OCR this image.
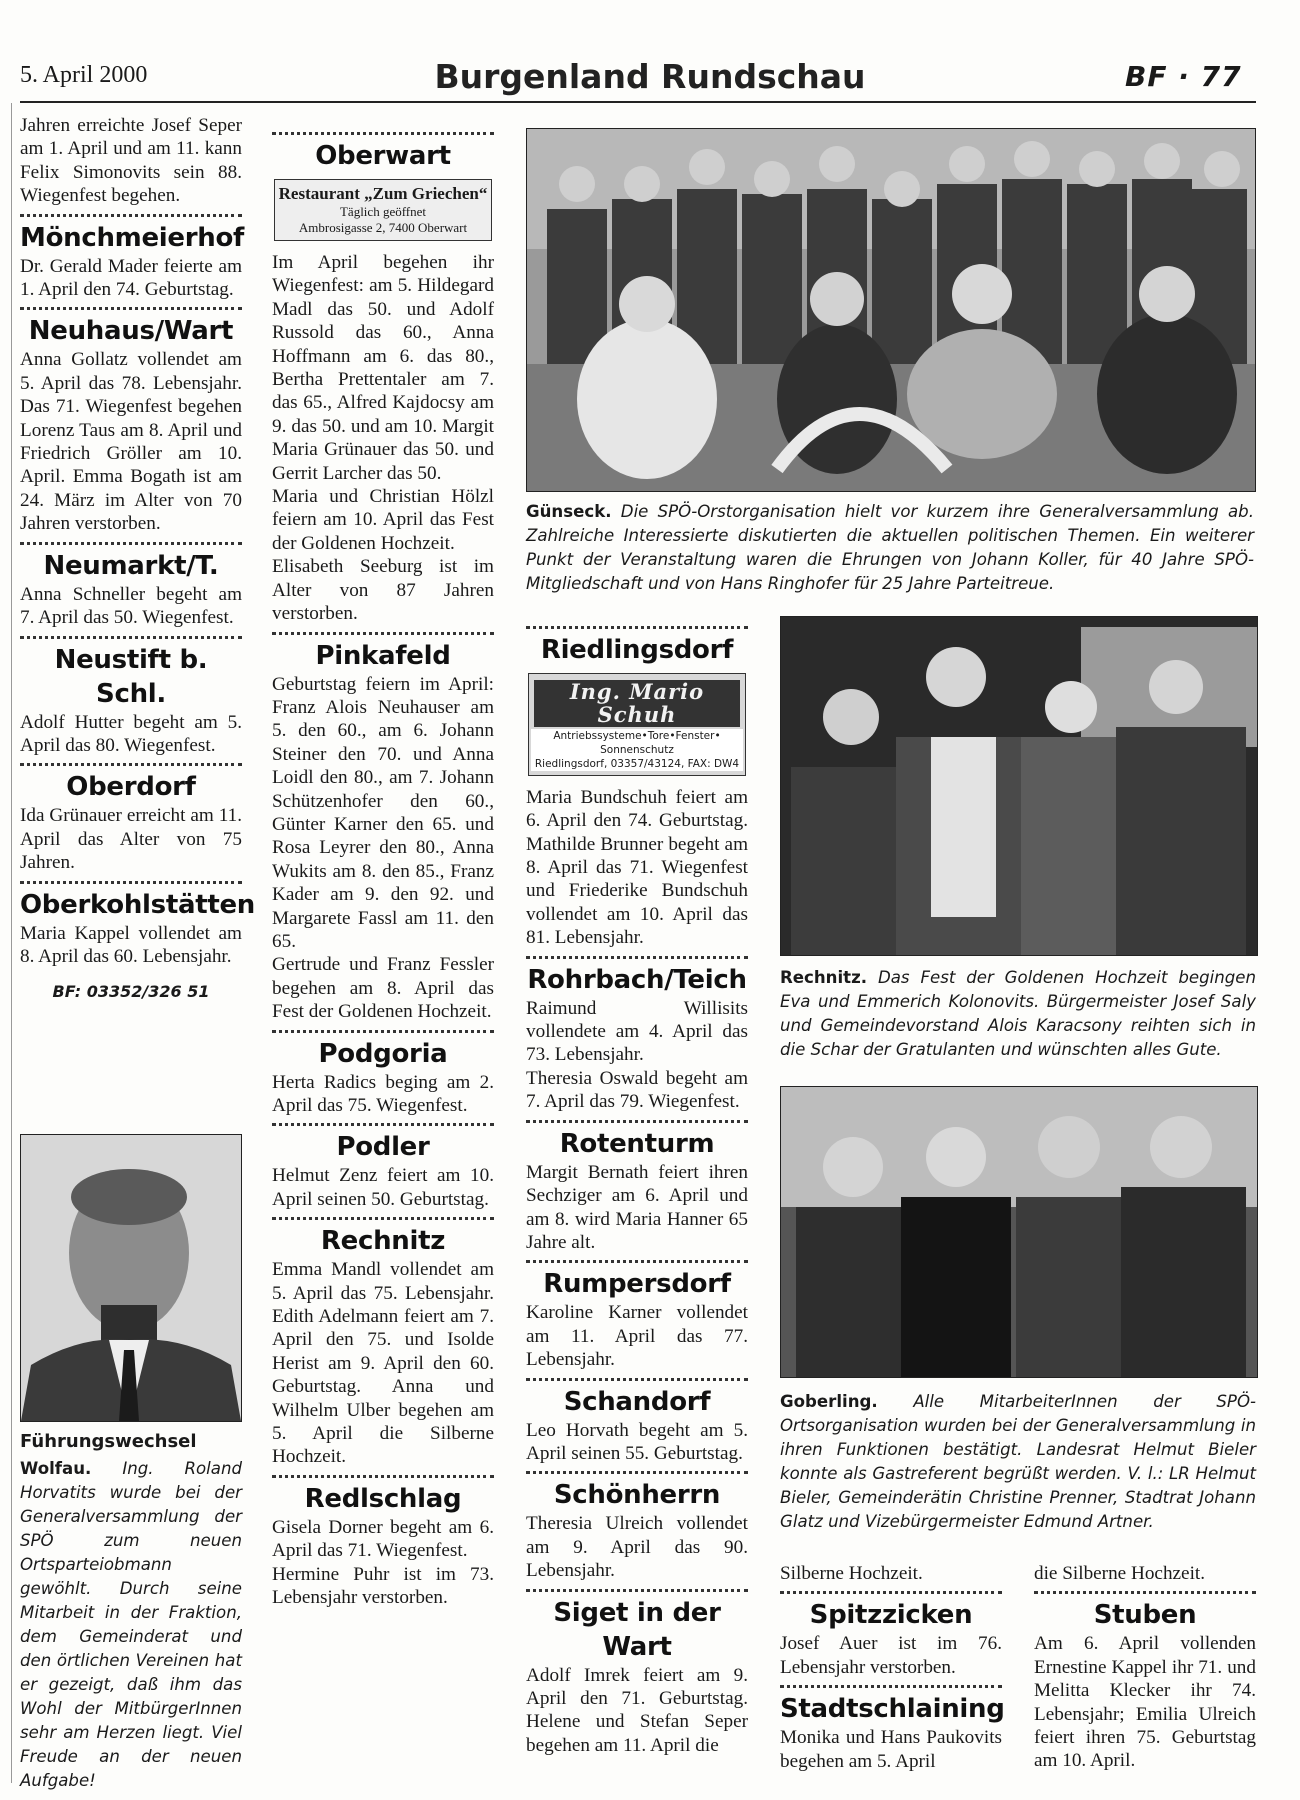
5. April 2000	Burgenland Rundschau	BF · 77

Jahren erreichte Josef Seper am 1. April und am 11. kann Felix Simonovits sein 88. Wiegenfest begehen.

Mönchmeierhof

Dr. Gerald Mader feierte am 1. April den 74. Geburtstag.

Neuhaus/Wart

Anna Gollatz vollendet am 5. April das 78. Lebensjahr. Das 71. Wiegenfest begehen Lorenz Taus am 8. April und Friedrich Gröller am 10. April. Emma Bogath ist am 24. März im Alter von 70 Jahren verstorben.

Neumarkt/T.

Anna Schneller begeht am 7. April das 50. Wiegenfest.

Neustift b. Schl.

Adolf Hutter begeht am 5. April das 80. Wiegenfest.

Oberdorf

Ida Grünauer erreicht am 11. April das Alter von 75 Jahren.

Oberkohlstätten

Maria Kappel vollendet am 8. April das 60. Lebensjahr.

BF: 03352/326 51
Führungswechsel
Wolfau. Ing. Roland Horvatits wurde bei der Generalversammlung der SPÖ zum neuen Ortsparteiobmann gewöhlt. Durch seine Mitarbeit in der Fraktion, dem Gemeinderat und den örtlichen Vereinen hat er gezeigt, daß ihm das Wohl der MitbürgerInnen sehr am Herzen liegt. Viel Freude an der neuen Aufgabe!
Oberwart
Restaurant „Zum Griechen“
Täglich geöffnet
Ambrosigasse 2, 7400 Oberwart

Im April begehen ihr Wiegenfest: am 5. Hildegard Madl das 50. und Adolf Russold das 60., Anna Hoffmann am 6. das 80., Bertha Prettentaler am 7. das 65., Alfred Kajdocsy am 9. das 50. und am 10. Margit Maria Grünauer das 50. und Gerrit Larcher das 50.

Maria und Christian Hölzl feiern am 10. April das Fest der Goldenen Hochzeit.

Elisabeth Seeburg ist im Alter von 87 Jahren verstorben.

Pinkafeld

Geburtstag feiern im April: Franz Alois Neuhauser am 5. den 60., am 6. Johann Steiner den 70. und Anna Loidl den 80., am 7. Johann Schützenhofer den 60., Günter Karner den 65. und Rosa Leyrer den 80., Anna Wukits am 8. den 85., Franz Kader am 9. den 92. und Margarete Fassl am 11. den 65.

Gertrude und Franz Fessler begehen am 8. April das Fest der Goldenen Hochzeit.

Podgoria

Herta Radics beging am 2. April das 75. Wiegenfest.

Podler

Helmut Zenz feiert am 10. April seinen 50. Geburtstag.

Rechnitz

Emma Mandl vollendet am 5. April das 75. Lebensjahr. Edith Adelmann feiert am 7. April den 75. und Isolde Herist am 9. April den 60. Geburtstag. Anna und Wilhelm Ulber begehen am 5. April die Silberne Hochzeit.

Redlschlag

Gisela Dorner begeht am 6. April das 71. Wiegenfest.

Hermine Puhr ist im 73. Lebensjahr verstorben.

Günseck. Die SPÖ-Orstorganisation hielt vor kurzem ihre Generalversammlung ab. Zahlreiche Interessierte diskutierten die aktuellen politischen Themen. Ein weiterer Punkt der Veranstaltung waren die Ehrungen von Johann Koller, für 40 Jahre SPÖ-Mitgliedschaft und von Hans Ringhofer für 25 Jahre Parteitreue.
Riedlingsdorf
Ing. Mario Schuh
Antriebssysteme•Tore•Fenster• Sonnenschutz
Riedlingsdorf, 03357/43124, FAX: DW4

Maria Bundschuh feiert am 6. April den 74. Geburtstag. Mathilde Brunner begeht am 8. April das 71. Wiegenfest und Friederike Bundschuh vollendet am 10. April das 81. Lebensjahr.

Rohrbach/Teich

Raimund Willisits vollendete am 4. April das 73. Lebensjahr.

Theresia Oswald begeht am 7. April das 79. Wiegenfest.

Rotenturm

Margit Bernath feiert ihren Sechziger am 6. April und am 8. wird Maria Hanner 65 Jahre alt.

Rumpersdorf

Karoline Karner vollendet am 11. April das 77. Lebensjahr.

Schandorf

Leo Horvath begeht am 5. April seinen 55. Geburtstag.

Schönherrn

Theresia Ulreich vollendet am 9. April das 90. Lebensjahr.

Siget in der Wart

Adolf Imrek feiert am 9. April den 71. Geburtstag. Helene und Stefan Seper begehen am 11. April die

Rechnitz. Das Fest der Goldenen Hochzeit begingen Eva und Emmerich Kolonovits. Bürgermeister Josef Saly und Gemeindevorstand Alois Karacsony reihten sich in die Schar der Gratulanten und wünschten alles Gute.
Goberling. Alle MitarbeiterInnen der SPÖ-Ortsorganisation wurden bei der Generalversammlung in ihren Funktionen bestätigt. Landesrat Helmut Bieler konnte als Gastreferent begrüßt werden. V. l.: LR Helmut Bieler, Gemeinderätin Christine Prenner, Stadtrat Johann Glatz und Vizebürgermeister Edmund Artner.

Silberne Hochzeit.

Spitzzicken

Josef Auer ist im 76. Lebensjahr verstorben.

Stadtschlaining

Monika und Hans Paukovits begehen am 5. April

die Silberne Hochzeit.

Stuben

Am 6. April vollenden Ernestine Kappel ihr 71. und Melitta Klecker ihr 74. Lebensjahr; Emilia Ulreich feiert ihren 75. Geburtstag am 10. April.
